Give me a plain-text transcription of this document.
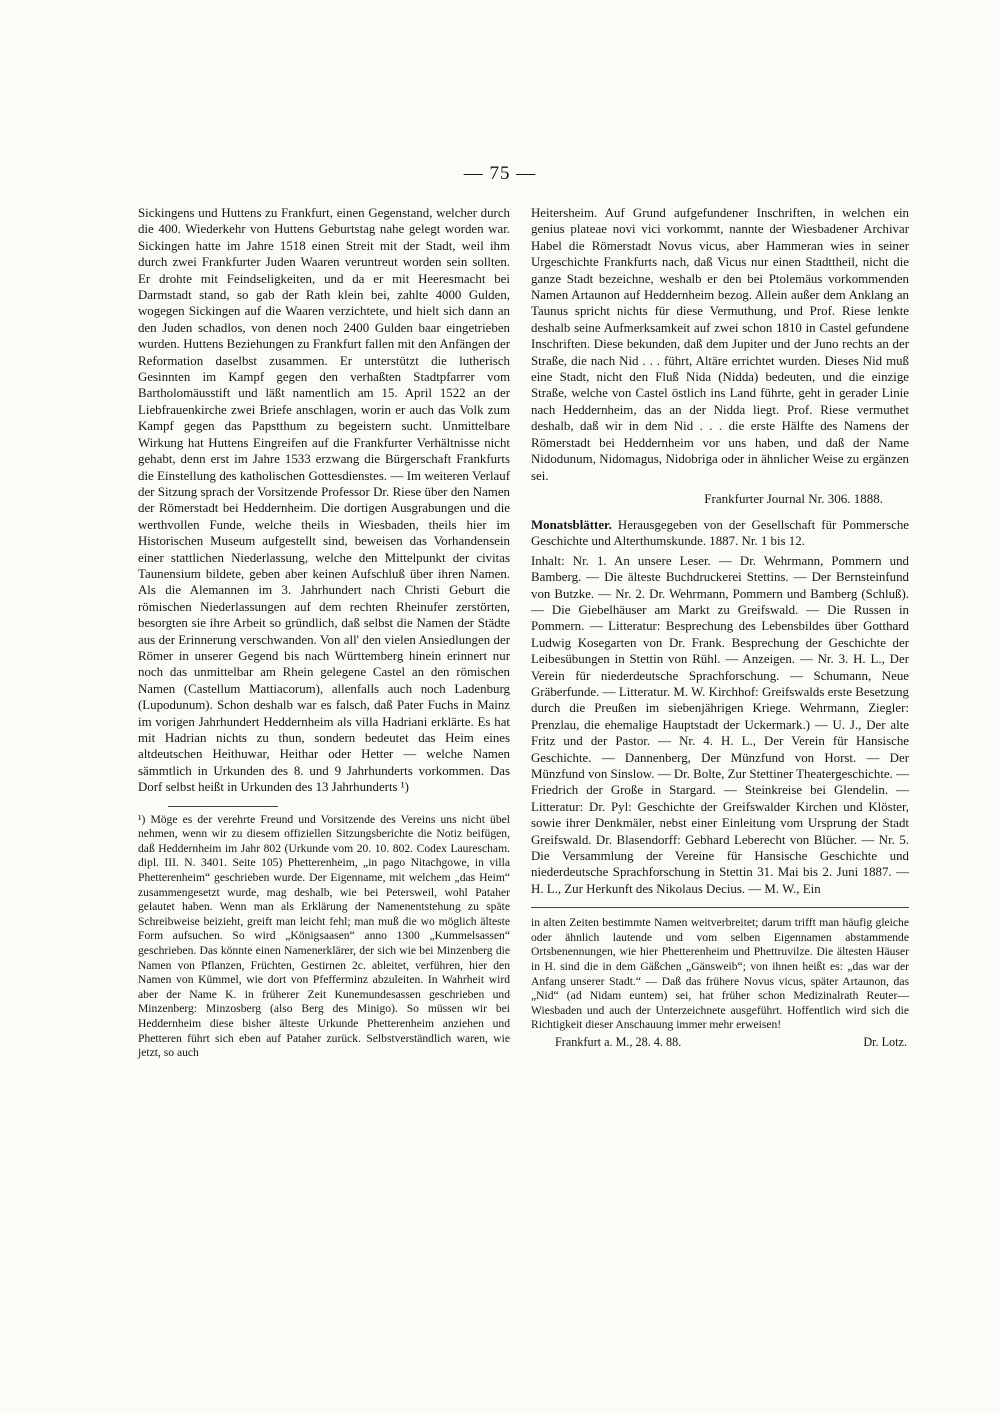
— 75 —

Sickingens und Huttens zu Frankfurt, einen Gegenstand, welcher durch die 400. Wiederkehr von Huttens Geburtstag nahe gelegt worden war. Sickingen hatte im Jahre 1518 einen Streit mit der Stadt, weil ihm durch zwei Frankfurter Juden Waaren veruntreut worden sein sollten. Er drohte mit Feindseligkeiten, und da er mit Heeresmacht bei Darmstadt stand, so gab der Rath klein bei, zahlte 4000 Gulden, wogegen Sickingen auf die Waaren verzichtete, und hielt sich dann an den Juden schadlos, von denen noch 2400 Gulden baar eingetrieben wurden. Huttens Beziehungen zu Frankfurt fallen mit den Anfängen der Reformation daselbst zusammen. Er unterstützt die lutherisch Gesinnten im Kampf gegen den verhaßten Stadtpfarrer vom Bartholomäusstift und läßt namentlich am 15. April 1522 an der Liebfrauenkirche zwei Briefe anschlagen, worin er auch das Volk zum Kampf gegen das Papstthum zu begeistern sucht. Unmittelbare Wirkung hat Huttens Eingreifen auf die Frankfurter Verhältnisse nicht gehabt, denn erst im Jahre 1533 erzwang die Bürgerschaft Frankfurts die Einstellung des katholischen Gottesdienstes. — Im weiteren Verlauf der Sitzung sprach der Vorsitzende Professor Dr. Riese über den Namen der Römerstadt bei Heddernheim. Die dortigen Ausgrabungen und die werthvollen Funde, welche theils in Wiesbaden, theils hier im Historischen Museum aufgestellt sind, beweisen das Vorhandensein einer stattlichen Niederlassung, welche den Mittelpunkt der civitas Taunensium bildete, geben aber keinen Aufschluß über ihren Namen. Als die Alemannen im 3. Jahrhundert nach Christi Geburt die römischen Niederlassungen auf dem rechten Rheinufer zerstörten, besorgten sie ihre Arbeit so gründlich, daß selbst die Namen der Städte aus der Erinnerung verschwanden. Von all' den vielen Ansiedlungen der Römer in unserer Gegend bis nach Württemberg hinein erinnert nur noch das unmittelbar am Rhein gelegene Castel an den römischen Namen (Castellum Mattiacorum), allenfalls auch noch Ladenburg (Lupodunum). Schon deshalb war es falsch, daß Pater Fuchs in Mainz im vorigen Jahrhundert Heddernheim als villa Hadriani erklärte. Es hat mit Hadrian nichts zu thun, sondern bedeutet das Heim eines altdeutschen Heithuwar, Heithar oder Hetter — welche Namen sämmtlich in Urkunden des 8. und 9 Jahrhunderts vorkommen. Das Dorf selbst heißt in Urkunden des 13 Jahrhunderts ¹)

¹) Möge es der verehrte Freund und Vorsitzende des Vereins uns nicht übel nehmen, wenn wir zu diesem offiziellen Sitzungsberichte die Notiz beifügen, daß Heddernheim im Jahr 802 (Urkunde vom 20. 10. 802. Codex Laurescham. dipl. III. N. 3401. Seite 105) Phetterenheim, „in pago Nitachgowe, in villa Phetterenheim“ geschrieben wurde. Der Eigenname, mit welchem „das Heim“ zusammengesetzt wurde, mag deshalb, wie bei Petersweil, wohl Pataher gelautet haben. Wenn man als Erklärung der Namenentstehung zu späte Schreibweise beizieht, greift man leicht fehl; man muß die wo möglich älteste Form aufsuchen. So wird „Königsaasen“ anno 1300 „Kummelsassen“ geschrieben. Das könnte einen Namenerklärer, der sich wie bei Minzenberg die Namen von Pflanzen, Früchten, Gestirnen 2c. ableitet, verführen, hier den Namen von Kümmel, wie dort von Pfefferminz abzuleiten. In Wahrheit wird aber der Name K. in früherer Zeit Kunemundesassen geschrieben und Minzenberg: Minzosberg (also Berg des Minigo). So müssen wir bei Heddernheim diese bisher älteste Urkunde Phetterenheim anziehen und Phetteren führt sich eben auf Pataher zurück. Selbstverständlich waren, wie jetzt, so auch

Heitersheim. Auf Grund aufgefundener Inschriften, in welchen ein genius plateae novi vici vorkommt, nannte der Wiesbadener Archivar Habel die Römerstadt Novus vicus, aber Hammeran wies in seiner Urgeschichte Frankfurts nach, daß Vicus nur einen Stadttheil, nicht die ganze Stadt bezeichne, weshalb er den bei Ptolemäus vorkommenden Namen Artaunon auf Heddernheim bezog. Allein außer dem Anklang an Taunus spricht nichts für diese Vermuthung, und Prof. Riese lenkte deshalb seine Aufmerksamkeit auf zwei schon 1810 in Castel gefundene Inschriften. Diese bekunden, daß dem Jupiter und der Juno rechts an der Straße, die nach Nid . . . führt, Altäre errichtet wurden. Dieses Nid muß eine Stadt, nicht den Fluß Nida (Nidda) bedeuten, und die einzige Straße, welche von Castel östlich ins Land führte, geht in gerader Linie nach Heddernheim, das an der Nidda liegt. Prof. Riese vermuthet deshalb, daß wir in dem Nid . . . die erste Hälfte des Namens der Römerstadt bei Heddernheim vor uns haben, und daß der Name Nidodunum, Nidomagus, Nidobriga oder in ähnlicher Weise zu ergänzen sei.

Frankfurter Journal Nr. 306. 1888.

Monatsblätter. Herausgegeben von der Gesellschaft für Pommersche Geschichte und Alterthumskunde. 1887. Nr. 1 bis 12.

Inhalt: Nr. 1. An unsere Leser. — Dr. Wehrmann, Pommern und Bamberg. — Die älteste Buchdruckerei Stettins. — Der Bernsteinfund von Butzke. — Nr. 2. Dr. Wehrmann, Pommern und Bamberg (Schluß). — Die Giebelhäuser am Markt zu Greifswald. — Die Russen in Pommern. — Litteratur: Besprechung des Lebensbildes über Gotthard Ludwig Kosegarten von Dr. Frank. Besprechung der Geschichte der Leibesübungen in Stettin von Rühl. — Anzeigen. — Nr. 3. H. L., Der Verein für niederdeutsche Sprachforschung. — Schumann, Neue Gräberfunde. — Litteratur. M. W. Kirchhof: Greifswalds erste Besetzung durch die Preußen im siebenjährigen Kriege. Wehrmann, Ziegler: Prenzlau, die ehemalige Hauptstadt der Uckermark.) — U. J., Der alte Fritz und der Pastor. — Nr. 4. H. L., Der Verein für Hansische Geschichte. — Dannenberg, Der Münzfund von Horst. — Der Münzfund von Sinslow. — Dr. Bolte, Zur Stettiner Theatergeschichte. — Friedrich der Große in Stargard. — Steinkreise bei Glendelin. — Litteratur: Dr. Pyl: Geschichte der Greifswalder Kirchen und Klöster, sowie ihrer Denkmäler, nebst einer Einleitung vom Ursprung der Stadt Greifswald. Dr. Blasendorff: Gebhard Leberecht von Blücher. — Nr. 5. Die Versammlung der Vereine für Hansische Geschichte und niederdeutsche Sprachforschung in Stettin 31. Mai bis 2. Juni 1887. — H. L., Zur Herkunft des Nikolaus Decius. — M. W., Ein

in alten Zeiten bestimmte Namen weitverbreitet; darum trifft man häufig gleiche oder ähnlich lautende und vom selben Eigennamen abstammende Ortsbenennungen, wie hier Phetterenheim und Phettruvilze. Die ältesten Häuser in H. sind die in dem Gäßchen „Gänsweib“; von ihnen heißt es: „das war der Anfang unserer Stadt.“ — Daß das frühere Novus vicus, später Artaunon, das „Nid“ (ad Nidam euntem) sei, hat früher schon Medizinalrath Reuter—Wiesbaden und auch der Unterzeichnete ausgeführt. Hoffentlich wird sich die Richtigkeit dieser Anschauung immer mehr erweisen!

Frankfurt a. M., 28. 4. 88.	Dr. Lotz.
